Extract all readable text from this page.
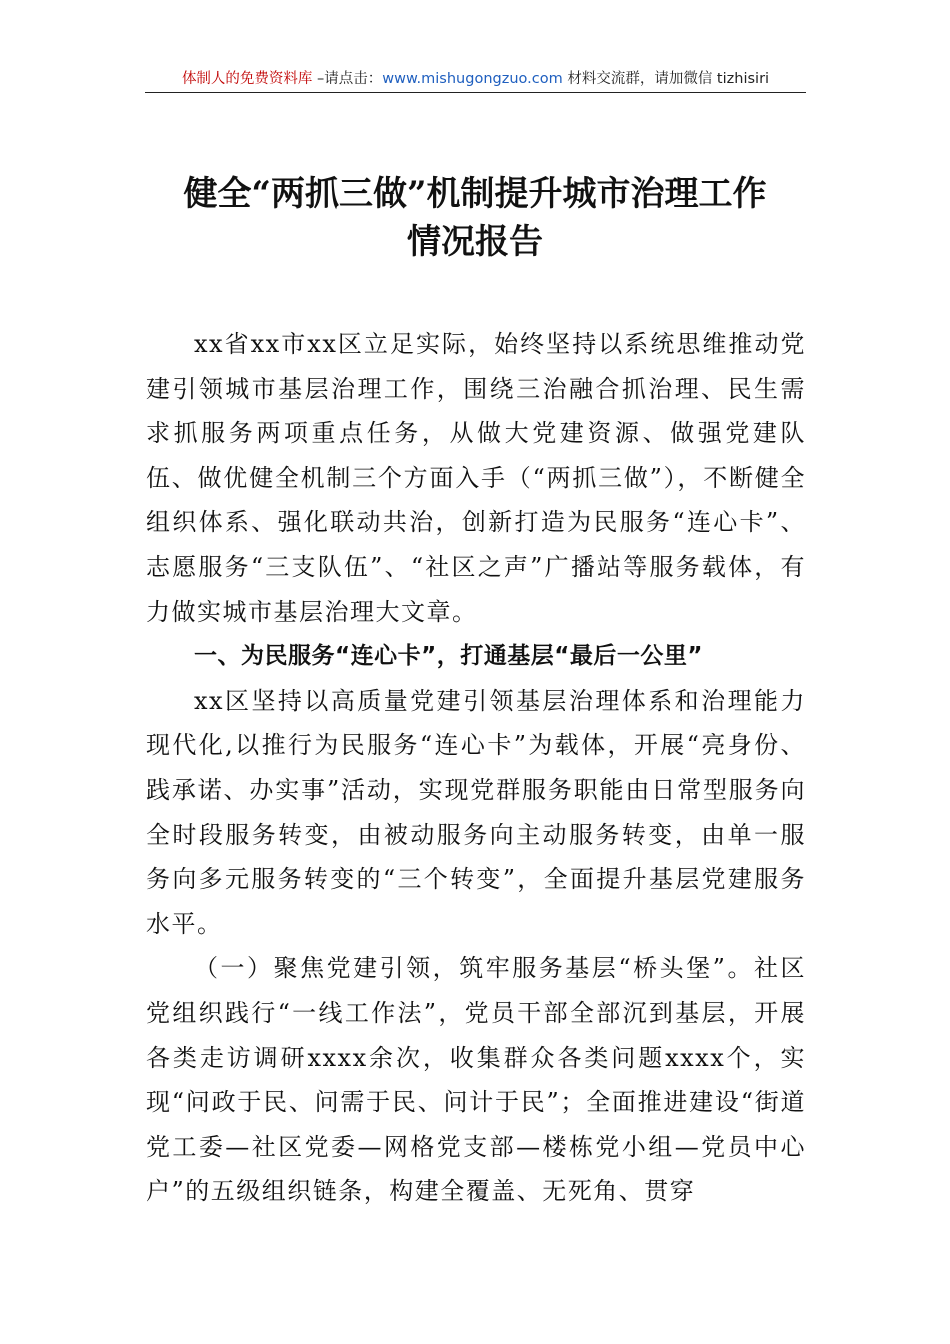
体制人的免费资料库 –请点击：www.mishugongzuo.com 材料交流群，请加微信 tizhisiri
健全“两抓三做”机制提升城市治理工作
情况报告

xx省xx市xx区立足实际，始终坚持以系统思维推动党建引领城市基层治理工作，围绕三治融合抓治理、民生需求抓服务两项重点任务，从做大党建资源、做强党建队伍、做优健全机制三个方面入手（“两抓三做”），不断健全组织体系、强化联动共治，创新打造为民服务“连心卡”、志愿服务“三支队伍”、“社区之声”广播站等服务载体，有力做实城市基层治理大文章。

一、为民服务“连心卡”，打通基层“最后一公里”

xx区坚持以高质量党建引领基层治理体系和治理能力现代化,以推行为民服务“连心卡”为载体，开展“亮身份、践承诺、办实事”活动，实现党群服务职能由日常型服务向全时段服务转变，由被动服务向主动服务转变，由单一服务向多元服务转变的“三个转变”，全面提升基层党建服务水平。

（一）聚焦党建引领，筑牢服务基层“桥头堡”。社区党组织践行“一线工作法”，党员干部全部沉到基层，开展各类走访调研xxxx余次，收集群众各类问题xxxx个，实现“问政于民、问需于民、问计于民”；全面推进建设“街道党工委—社区党委—网格党支部—楼栋党小组—党员中心户”的五级组织链条，构建全覆盖、无死角、贯穿
